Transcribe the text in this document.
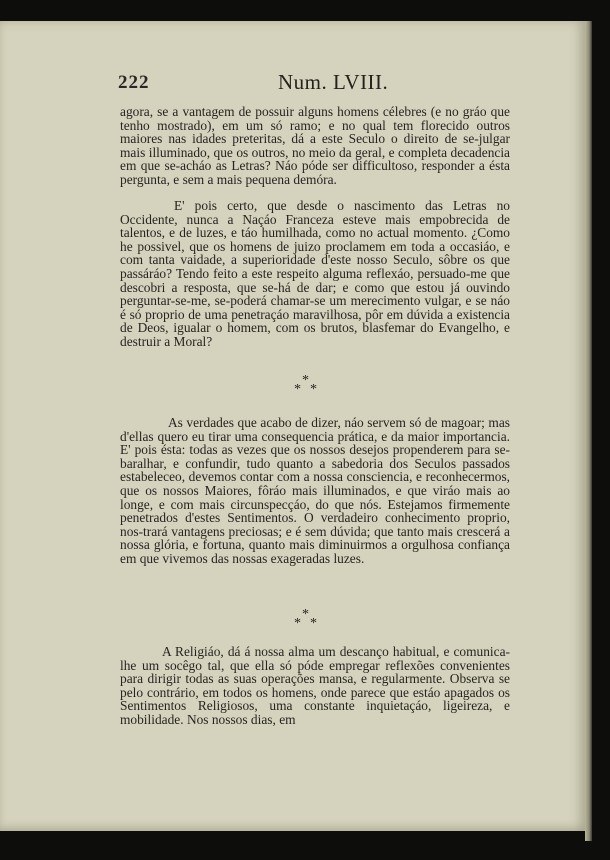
222	Num. LVIII.

agora, se a vantagem de possuir alguns homens célebres (e no gráo que tenho mostrado), em um só ramo; e no qual tem florecido outros maiores nas idades preteritas, dá a este Seculo o direito de se-julgar mais illuminado, que os outros, no meio da geral, e completa decadencia em que se-acháo as Letras? Náo póde ser difficultoso, responder a ésta pergunta, e sem a mais pequena demóra.

E' pois certo, que desde o nascimento das Letras no Occidente, nunca a Naçáo Franceza esteve mais empobrecida de talentos, e de luzes, e táo humilhada, como no actual momento. ¿Como he possivel, que os homens de juizo proclamem em toda a occasiáo, e com tanta vaidade, a superioridade d'este nosso Seculo, sôbre os que passáráo? Tendo feito a este respeito alguma reflexáo, persuado-me que descobri a resposta, que se-há de dar; e como que estou já ouvindo perguntar-se-me, se-poderá chamar-se um merecimento vulgar, e se náo é só proprio de uma penetraçáo maravilhosa, pôr em dúvida a existencia de Deos, igualar o homem, com os brutos, blasfemar do Evangelho, e destruir a Moral?

*
* *

As verdades que acabo de dizer, náo servem só de magoar; mas d'ellas quero eu tirar uma consequencia prática, e da maior importancia. E' pois ésta: todas as vezes que os nossos desejos propenderem para se-baralhar, e confundir, tudo quanto a sabedoria dos Seculos passados estabeleceo, devemos contar com a nossa consciencia, e reconhecermos, que os nossos Maiores, fôráo mais illuminados, e que viráo mais ao longe, e com mais circunspecçáo, do que nós. Estejamos firmemente penetrados d'estes Sentimentos. O verdadeiro conhecimento proprio, nos-trará vantagens preciosas; e é sem dúvida; que tanto mais crescerá a nossa glória, e fortuna, quanto mais diminuirmos a orgulhosa confiança em que vivemos das nossas exageradas luzes.

*
* *

A Religiáo, dá á nossa alma um descanço habitual, e comunica-lhe um socêgo tal, que ella só póde empregar reflexões convenientes para dirigir todas as suas operações mansa, e regularmente. Observa se pelo contrário, em todos os homens, onde parece que estáo apagados os Sentimentos Religiosos, uma constante inquietaçáo, ligeireza, e mobilidade. Nos nossos dias, em
